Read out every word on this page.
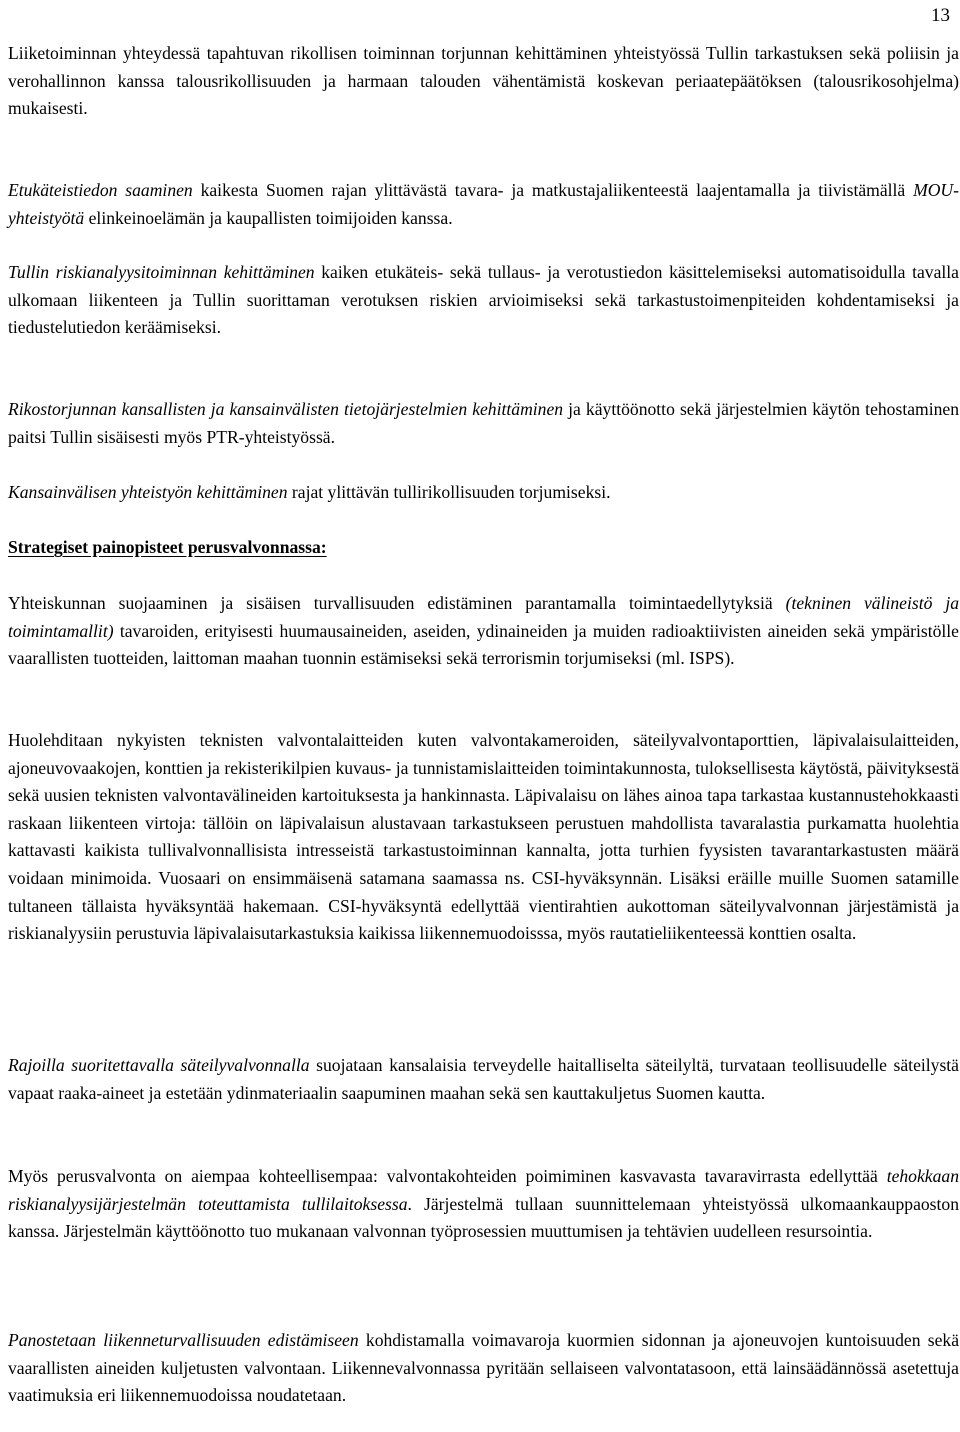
13

Liiketoiminnan yhteydessä tapahtuvan rikollisen toiminnan torjunnan kehittäminen yhteistyössä Tullin tarkastuksen sekä poliisin ja verohallinnon kanssa talousrikollisuuden ja harmaan talouden vähentämistä koskevan periaatepäätöksen (talousrikosohjelma) mukaisesti.

Etukäteistiedon saaminen kaikesta Suomen rajan ylittävästä tavara- ja matkustajaliikenteestä laajentamalla ja tiivistämällä MOU-yhteistyötä elinkeinoelämän ja kaupallisten toimijoiden kanssa.

Tullin riskianalyysitoiminnan kehittäminen kaiken etukäteis- sekä tullaus- ja verotustiedon käsittelemiseksi automatisoidulla tavalla ulkomaan liikenteen ja Tullin suorittaman verotuksen riskien arvioimiseksi sekä tarkastustoimenpiteiden kohdentamiseksi ja tiedustelutiedon keräämiseksi.

Rikostorjunnan kansallisten ja kansainvälisten tietojärjestelmien kehittäminen ja käyttöönotto sekä järjestelmien käytön tehostaminen paitsi Tullin sisäisesti myös PTR-yhteistyössä.

Kansainvälisen yhteistyön kehittäminen rajat ylittävän tullirikollisuuden torjumiseksi.

Strategiset painopisteet perusvalvonnassa:

Yhteiskunnan suojaaminen ja sisäisen turvallisuuden edistäminen parantamalla toimintaedellytyksiä (tekninen välineistö ja toimintamallit) tavaroiden, erityisesti huumausaineiden, aseiden, ydinaineiden ja muiden radioaktiivisten aineiden sekä ympäristölle vaarallisten tuotteiden, laittoman maahan tuonnin estämiseksi sekä terrorismin torjumiseksi (ml. ISPS).

Huolehditaan nykyisten teknisten valvontalaitteiden kuten valvontakameroiden, säteilyvalvontaporttien, läpivalaisulaitteiden, ajoneuvovaakojen, konttien ja rekisterikilpien kuvaus- ja tunnistamislaitteiden toimintakunnosta, tuloksellisesta käytöstä, päivityksestä sekä uusien teknisten valvontavälineiden kartoituksesta ja hankinnasta. Läpivalaisu on lähes ainoa tapa tarkastaa kustannustehokkaasti raskaan liikenteen virtoja: tällöin on läpivalaisun alustavaan tarkastukseen perustuen mahdollista tavaralastia purkamatta huolehtia kattavasti kaikista tullivalvonnallisista intresseistä tarkastustoiminnan kannalta, jotta turhien fyysisten tavarantarkastusten määrä voidaan minimoida. Vuosaari on ensimmäisenä satamana saamassa ns. CSI-hyväksynnän. Lisäksi eräille muille Suomen satamille tultaneen tällaista hyväksyntää hakemaan. CSI-hyväksyntä edellyttää vientirahtien aukottoman säteilyvalvonnan järjestämistä ja riskianalyysiin perustuvia läpivalaisutarkastuksia kaikissa liikennemuodoisssa, myös rautatieliikenteessä konttien osalta.

Rajoilla suoritettavalla säteilyvalvonnalla suojataan kansalaisia terveydelle haitalliselta säteilyltä, turvataan teollisuudelle säteilystä vapaat raaka-aineet ja estetään ydinmateriaalin saapuminen maahan sekä sen kauttakuljetus Suomen kautta.

Myös perusvalvonta on aiempaa kohteellisempaa: valvontakohteiden poimiminen kasvavasta tavaravirrasta edellyttää tehokkaan riskianalyysijärjestelmän toteuttamista tullilaitoksessa. Järjestelmä tullaan suunnittelemaan yhteistyössä ulkomaankauppaoston kanssa. Järjestelmän käyttöönotto tuo mukanaan valvonnan työprosessien muuttumisen ja tehtävien uudelleen resursointia.

Panostetaan liikenneturvallisuuden edistämiseen kohdistamalla voimavaroja kuormien sidonnan ja ajoneuvojen kuntoisuuden sekä vaarallisten aineiden kuljetusten valvontaan. Liikennevalvonnassa pyritään sellaiseen valvontatasoon, että lainsäädännössä asetettuja vaatimuksia eri liikennemuodoissa noudatetaan.
